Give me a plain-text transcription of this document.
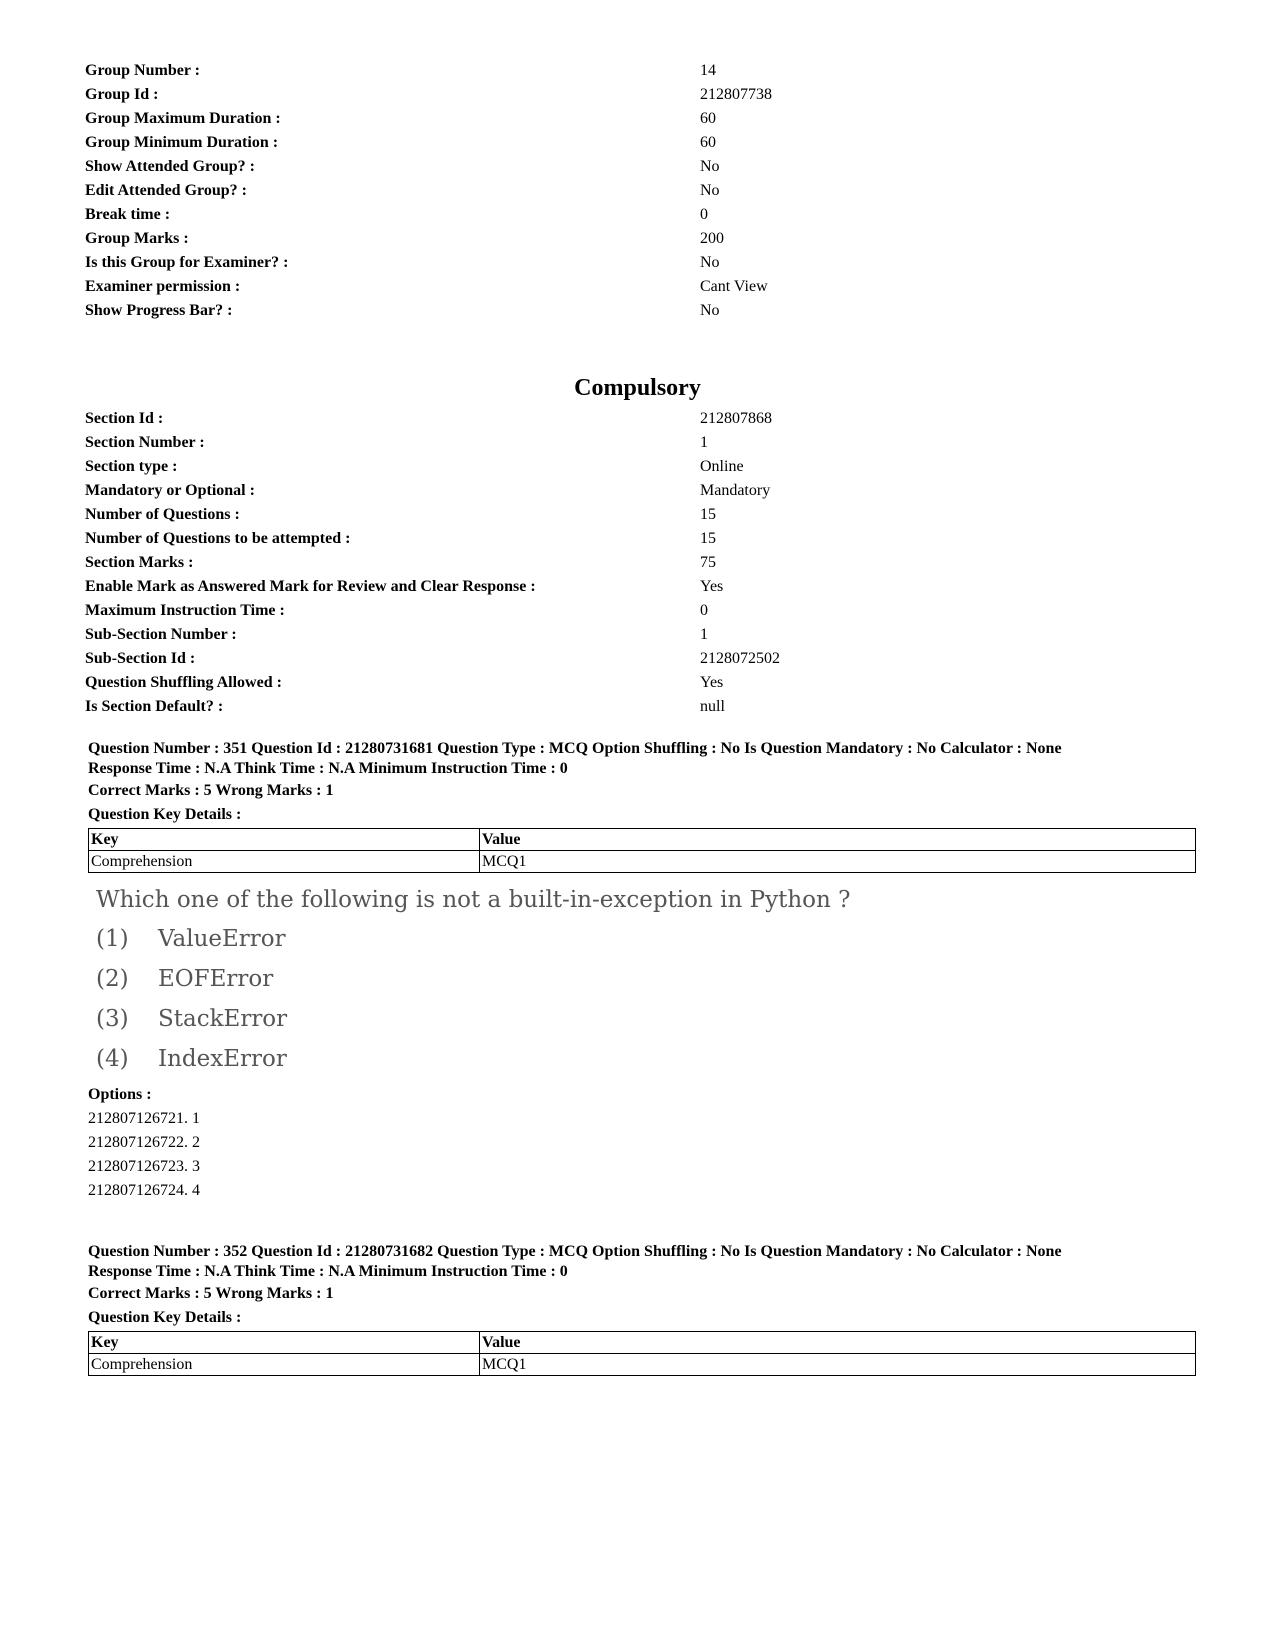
Group Number :	14
Group Id :	212807738
Group Maximum Duration :	60
Group Minimum Duration :	60
Show Attended Group? :	No
Edit Attended Group? :	No
Break time :	0
Group Marks :	200
Is this Group for Examiner? :	No
Examiner permission :	Cant View
Show Progress Bar? :	No
Compulsory
Section Id :	212807868
Section Number :	1
Section type :	Online
Mandatory or Optional :	Mandatory
Number of Questions :	15
Number of Questions to be attempted :	15
Section Marks :	75
Enable Mark as Answered Mark for Review and Clear Response :	Yes
Maximum Instruction Time :	0
Sub-Section Number :	1
Sub-Section Id :	2128072502
Question Shuffling Allowed :	Yes
Is Section Default? :	null

Question Number : 351 Question Id : 21280731681 Question Type : MCQ Option Shuffling : No Is Question Mandatory : No Calculator : None

Response Time : N.A Think Time : N.A Minimum Instruction Time : 0

Correct Marks : 5 Wrong Marks : 1

Question Key Details :

Key	Value
Comprehension	MCQ1

Which one of the following is not a built-in-exception in Python ?

(1) ValueError
(2) EOFError
(3) StackError
(4) IndexError

Options :

212807126721. 1

212807126722. 2

212807126723. 3

212807126724. 4

Question Number : 352 Question Id : 21280731682 Question Type : MCQ Option Shuffling : No Is Question Mandatory : No Calculator : None

Response Time : N.A Think Time : N.A Minimum Instruction Time : 0

Correct Marks : 5 Wrong Marks : 1

Question Key Details :

Key	Value
Comprehension	MCQ1
